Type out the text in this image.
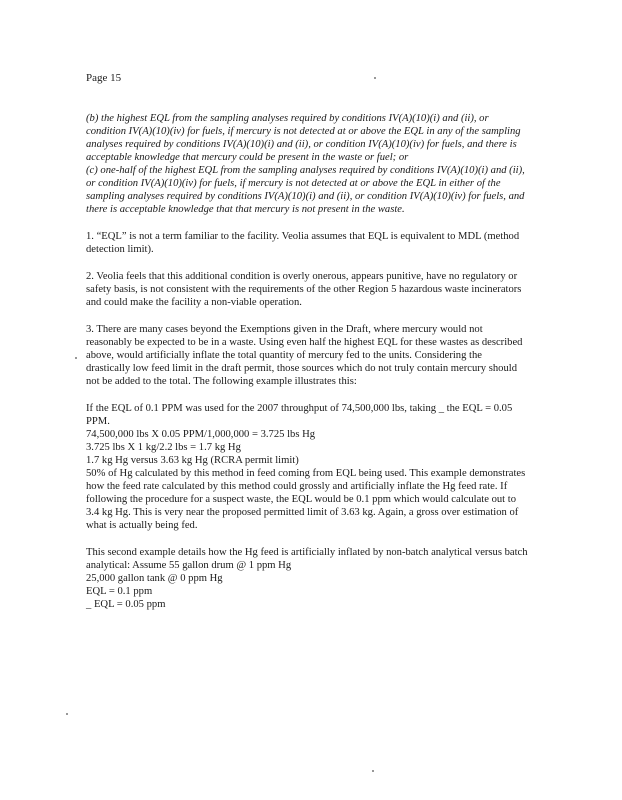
Page 15

(b) the highest EQL from the sampling analyses required by conditions IV(A)(10)(i) and (ii), or condition IV(A)(10)(iv) for fuels, if mercury is not detected at or above the EQL in any of the sampling analyses required by conditions IV(A)(10)(i) and (ii), or condition IV(A)(10)(iv) for fuels, and there is acceptable knowledge that mercury could be present in the waste or fuel; or

(c) one-half of the highest EQL from the sampling analyses required by conditions IV(A)(10)(i) and (ii), or condition IV(A)(10)(iv) for fuels, if mercury is not detected at or above the EQL in either of the sampling analyses required by conditions IV(A)(10)(i) and (ii), or condition IV(A)(10)(iv) for fuels, and there is acceptable knowledge that that mercury is not present in the waste.

1. “EQL” is not a term familiar to the facility. Veolia assumes that EQL is equivalent to MDL (method detection limit).

2. Veolia feels that this additional condition is overly onerous, appears punitive, have no regulatory or safety basis, is not consistent with the requirements of the other Region 5 hazardous waste incinerators and could make the facility a non-viable operation.

3. There are many cases beyond the Exemptions given in the Draft, where mercury would not reasonably be expected to be in a waste. Using even half the highest EQL for these wastes as described above, would artificially inflate the total quantity of mercury fed to the units. Considering the drastically low feed limit in the draft permit, those sources which do not truly contain mercury should not be added to the total. The following example illustrates this:

If the EQL of 0.1 PPM was used for the 2007 throughput of 74,500,000 lbs, taking _ the EQL = 0.05 PPM.
74,500,000 lbs X 0.05 PPM/1,000,000 = 3.725 lbs Hg
3.725 lbs X 1 kg/2.2 lbs = 1.7 kg Hg
1.7 kg Hg versus 3.63 kg Hg (RCRA permit limit)
50% of Hg calculated by this method in feed coming from EQL being used. This example demonstrates how the feed rate calculated by this method could grossly and artificially inflate the Hg feed rate. If following the procedure for a suspect waste, the EQL would be 0.1 ppm which would calculate out to 3.4 kg Hg. This is very near the proposed permitted limit of 3.63 kg. Again, a gross over estimation of what is actually being fed.
This second example details how the Hg feed is artificially inflated by non-batch analytical versus batch analytical: Assume 55 gallon drum @ 1 ppm Hg
25,000 gallon tank @ 0 ppm Hg
EQL = 0.1 ppm
_ EQL = 0.05 ppm
